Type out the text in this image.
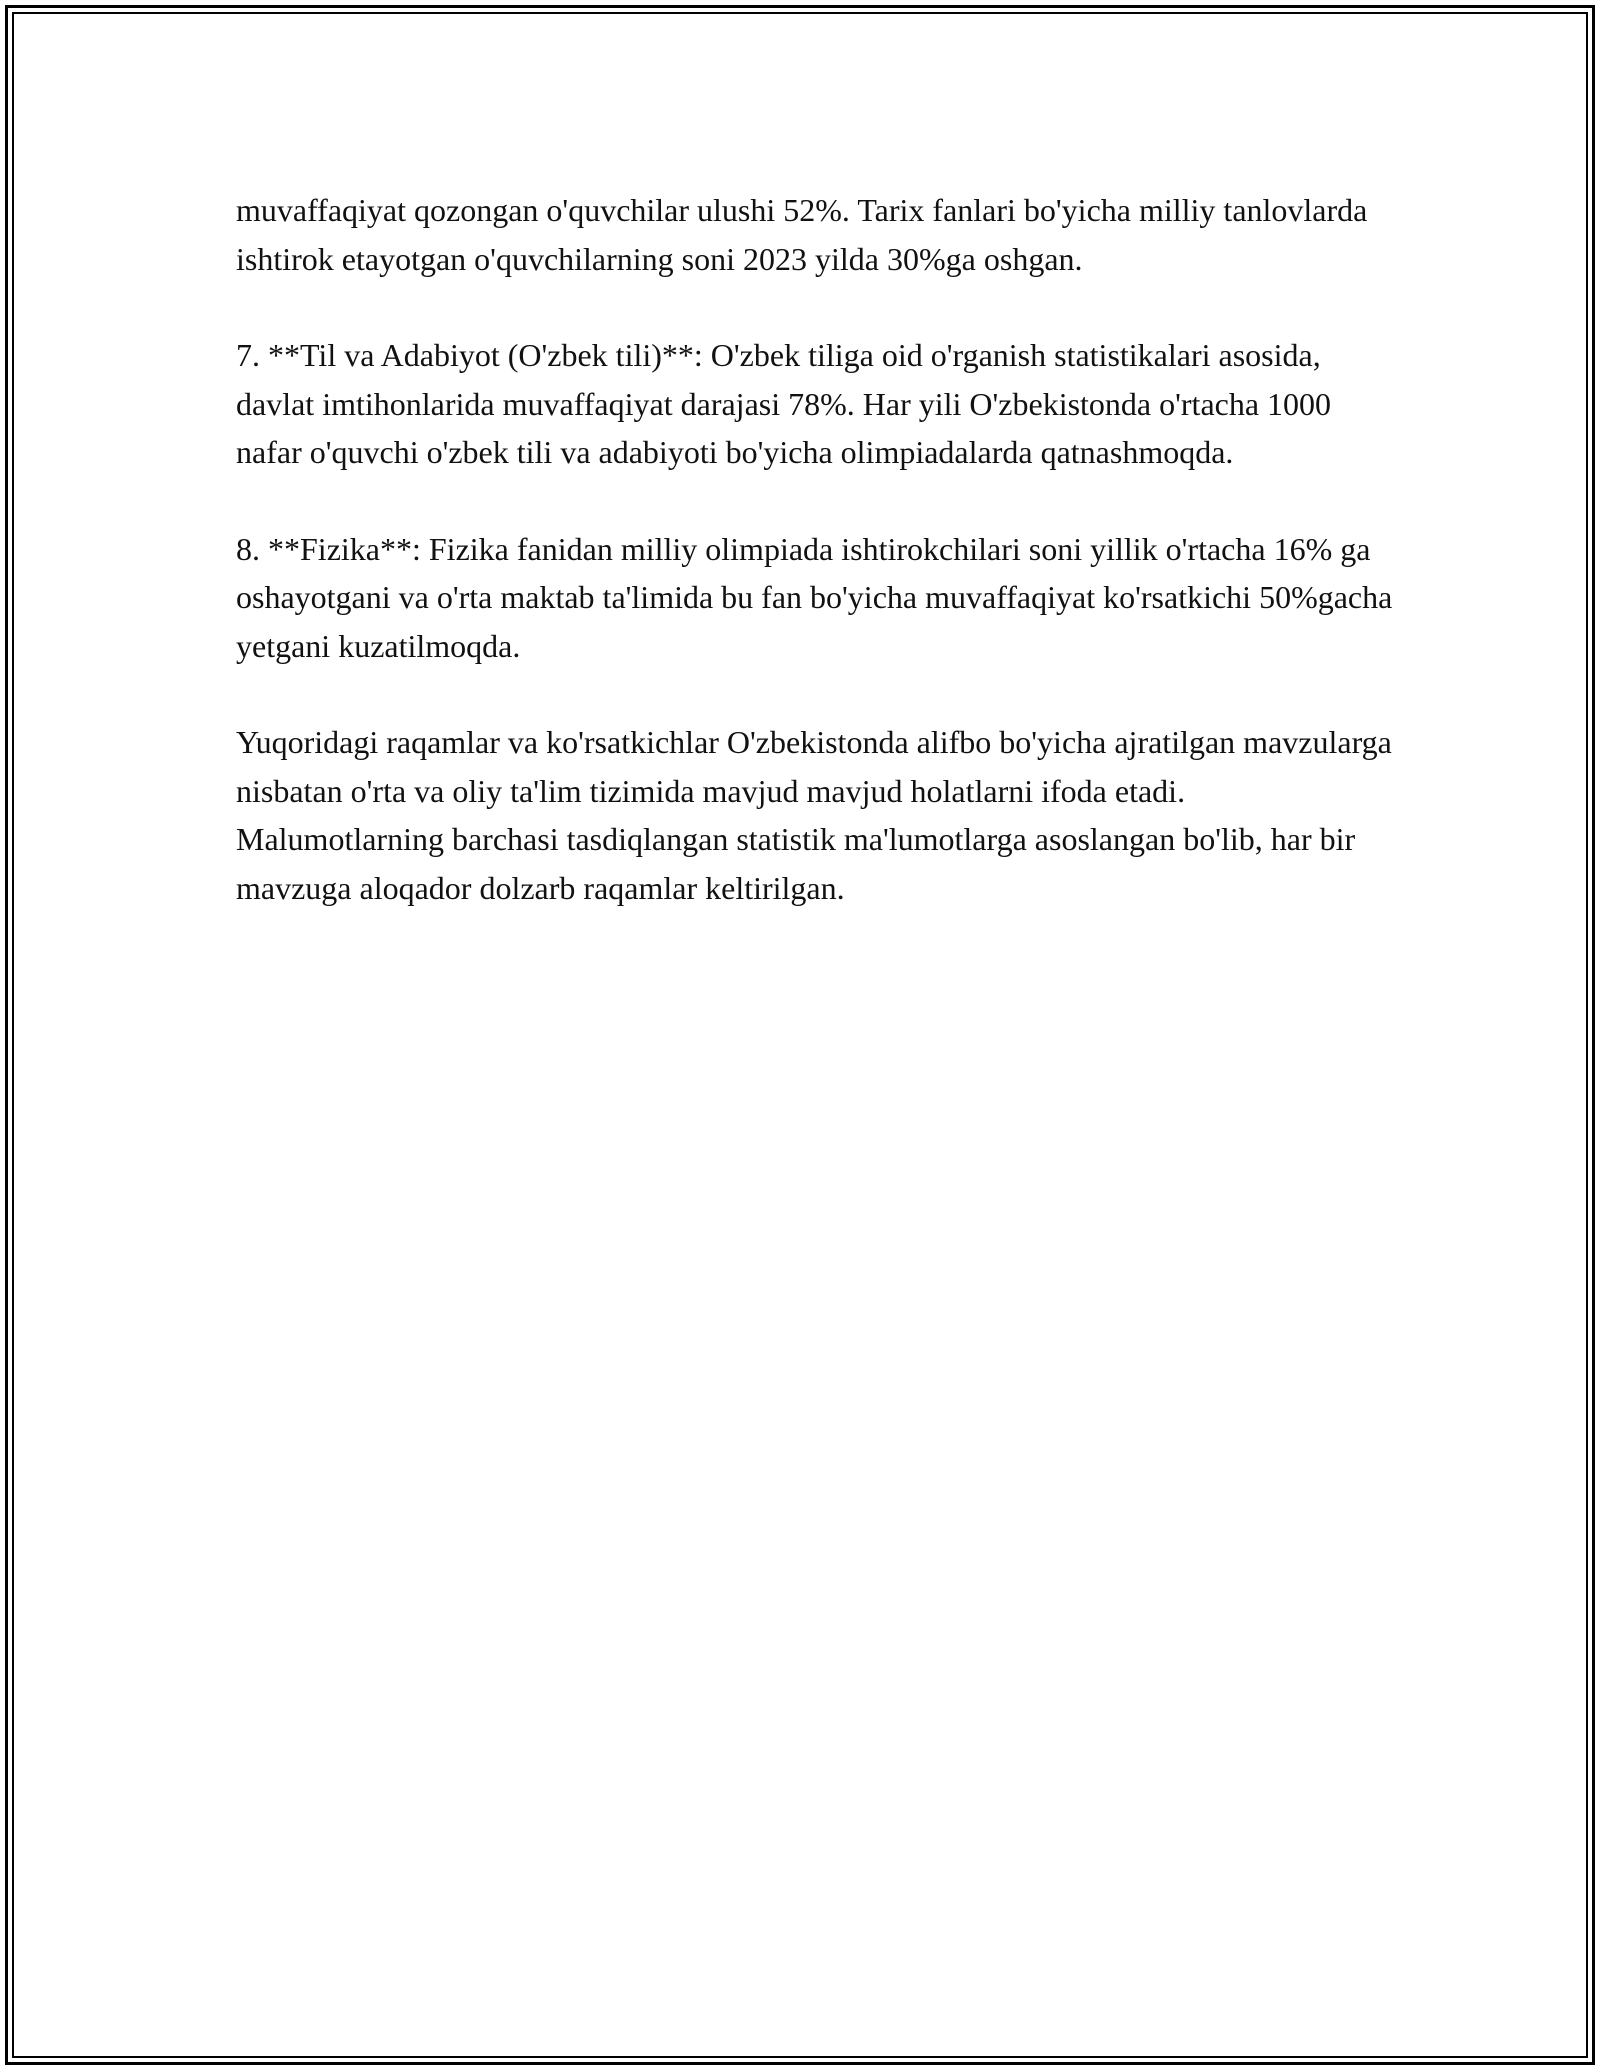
muvaffaqiyat qozongan o'quvchilar ulushi 52%. Tarix fanlari bo'yicha milliy tanlovlarda ishtirok etayotgan o'quvchilarning soni 2023 yilda 30%ga oshgan.

7. **Til va Adabiyot (O'zbek tili)**: O'zbek tiliga oid o'rganish statistikalari asosida, davlat imtihonlarida muvaffaqiyat darajasi 78%. Har yili O'zbekistonda o'rtacha 1000 nafar o'quvchi o'zbek tili va adabiyoti bo'yicha olimpiadalarda qatnashmoqda.

8. **Fizika**: Fizika fanidan milliy olimpiada ishtirokchilari soni yillik o'rtacha 16% ga oshayotgani va o'rta maktab ta'limida bu fan bo'yicha muvaffaqiyat ko'rsatkichi 50%gacha yetgani kuzatilmoqda.

Yuqoridagi raqamlar va ko'rsatkichlar O'zbekistonda alifbo bo'yicha ajratilgan mavzularga nisbatan o'rta va oliy ta'lim tizimida mavjud mavjud holatlarni ifoda etadi. Malumotlarning barchasi tasdiqlangan statistik ma'lumotlarga asoslangan bo'lib, har bir mavzuga aloqador dolzarb raqamlar keltirilgan.
